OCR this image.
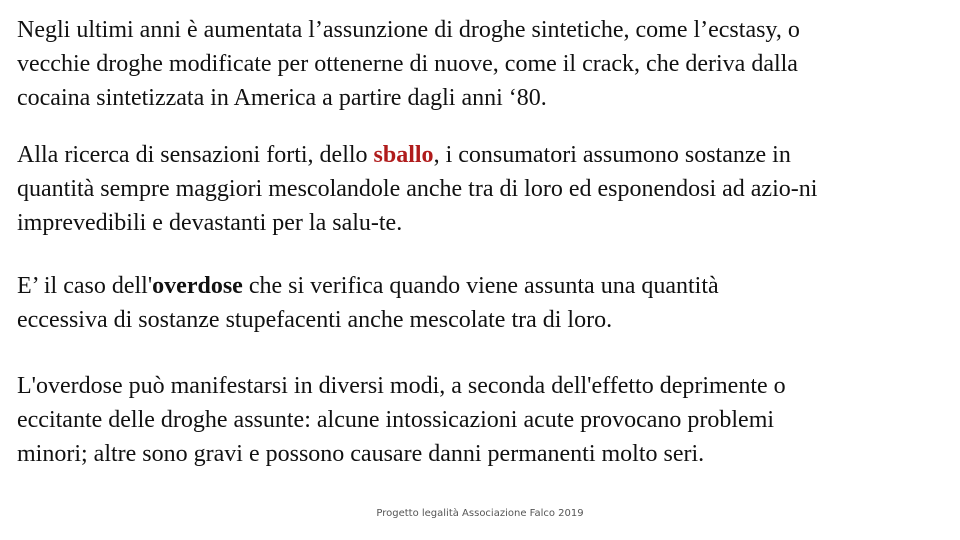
Negli ultimi anni è aumentata l’assunzione di droghe sintetiche, come l’ecstasy, o
vecchie droghe modificate per ottenerne di nuove, come il crack, che deriva dalla
cocaina sintetizzata in America a partire dagli anni ‘80.

Alla ricerca di sensazioni forti, dello sballo, i consumatori assumono sostanze in
quantità sempre maggiori mescolandole anche tra di loro ed esponendosi ad azio-ni
imprevedibili e devastanti per la salu-te.

E’ il caso dell'overdose che si verifica quando viene assunta una quantità
eccessiva di sostanze stupefacenti anche mescolate tra di loro.

L'overdose può manifestarsi in diversi modi, a seconda dell'effetto deprimente o
eccitante delle droghe assunte: alcune intossicazioni acute provocano problemi
minori; altre sono gravi e possono causare danni permanenti molto seri.

Progetto legalità Associazione Falco 2019
